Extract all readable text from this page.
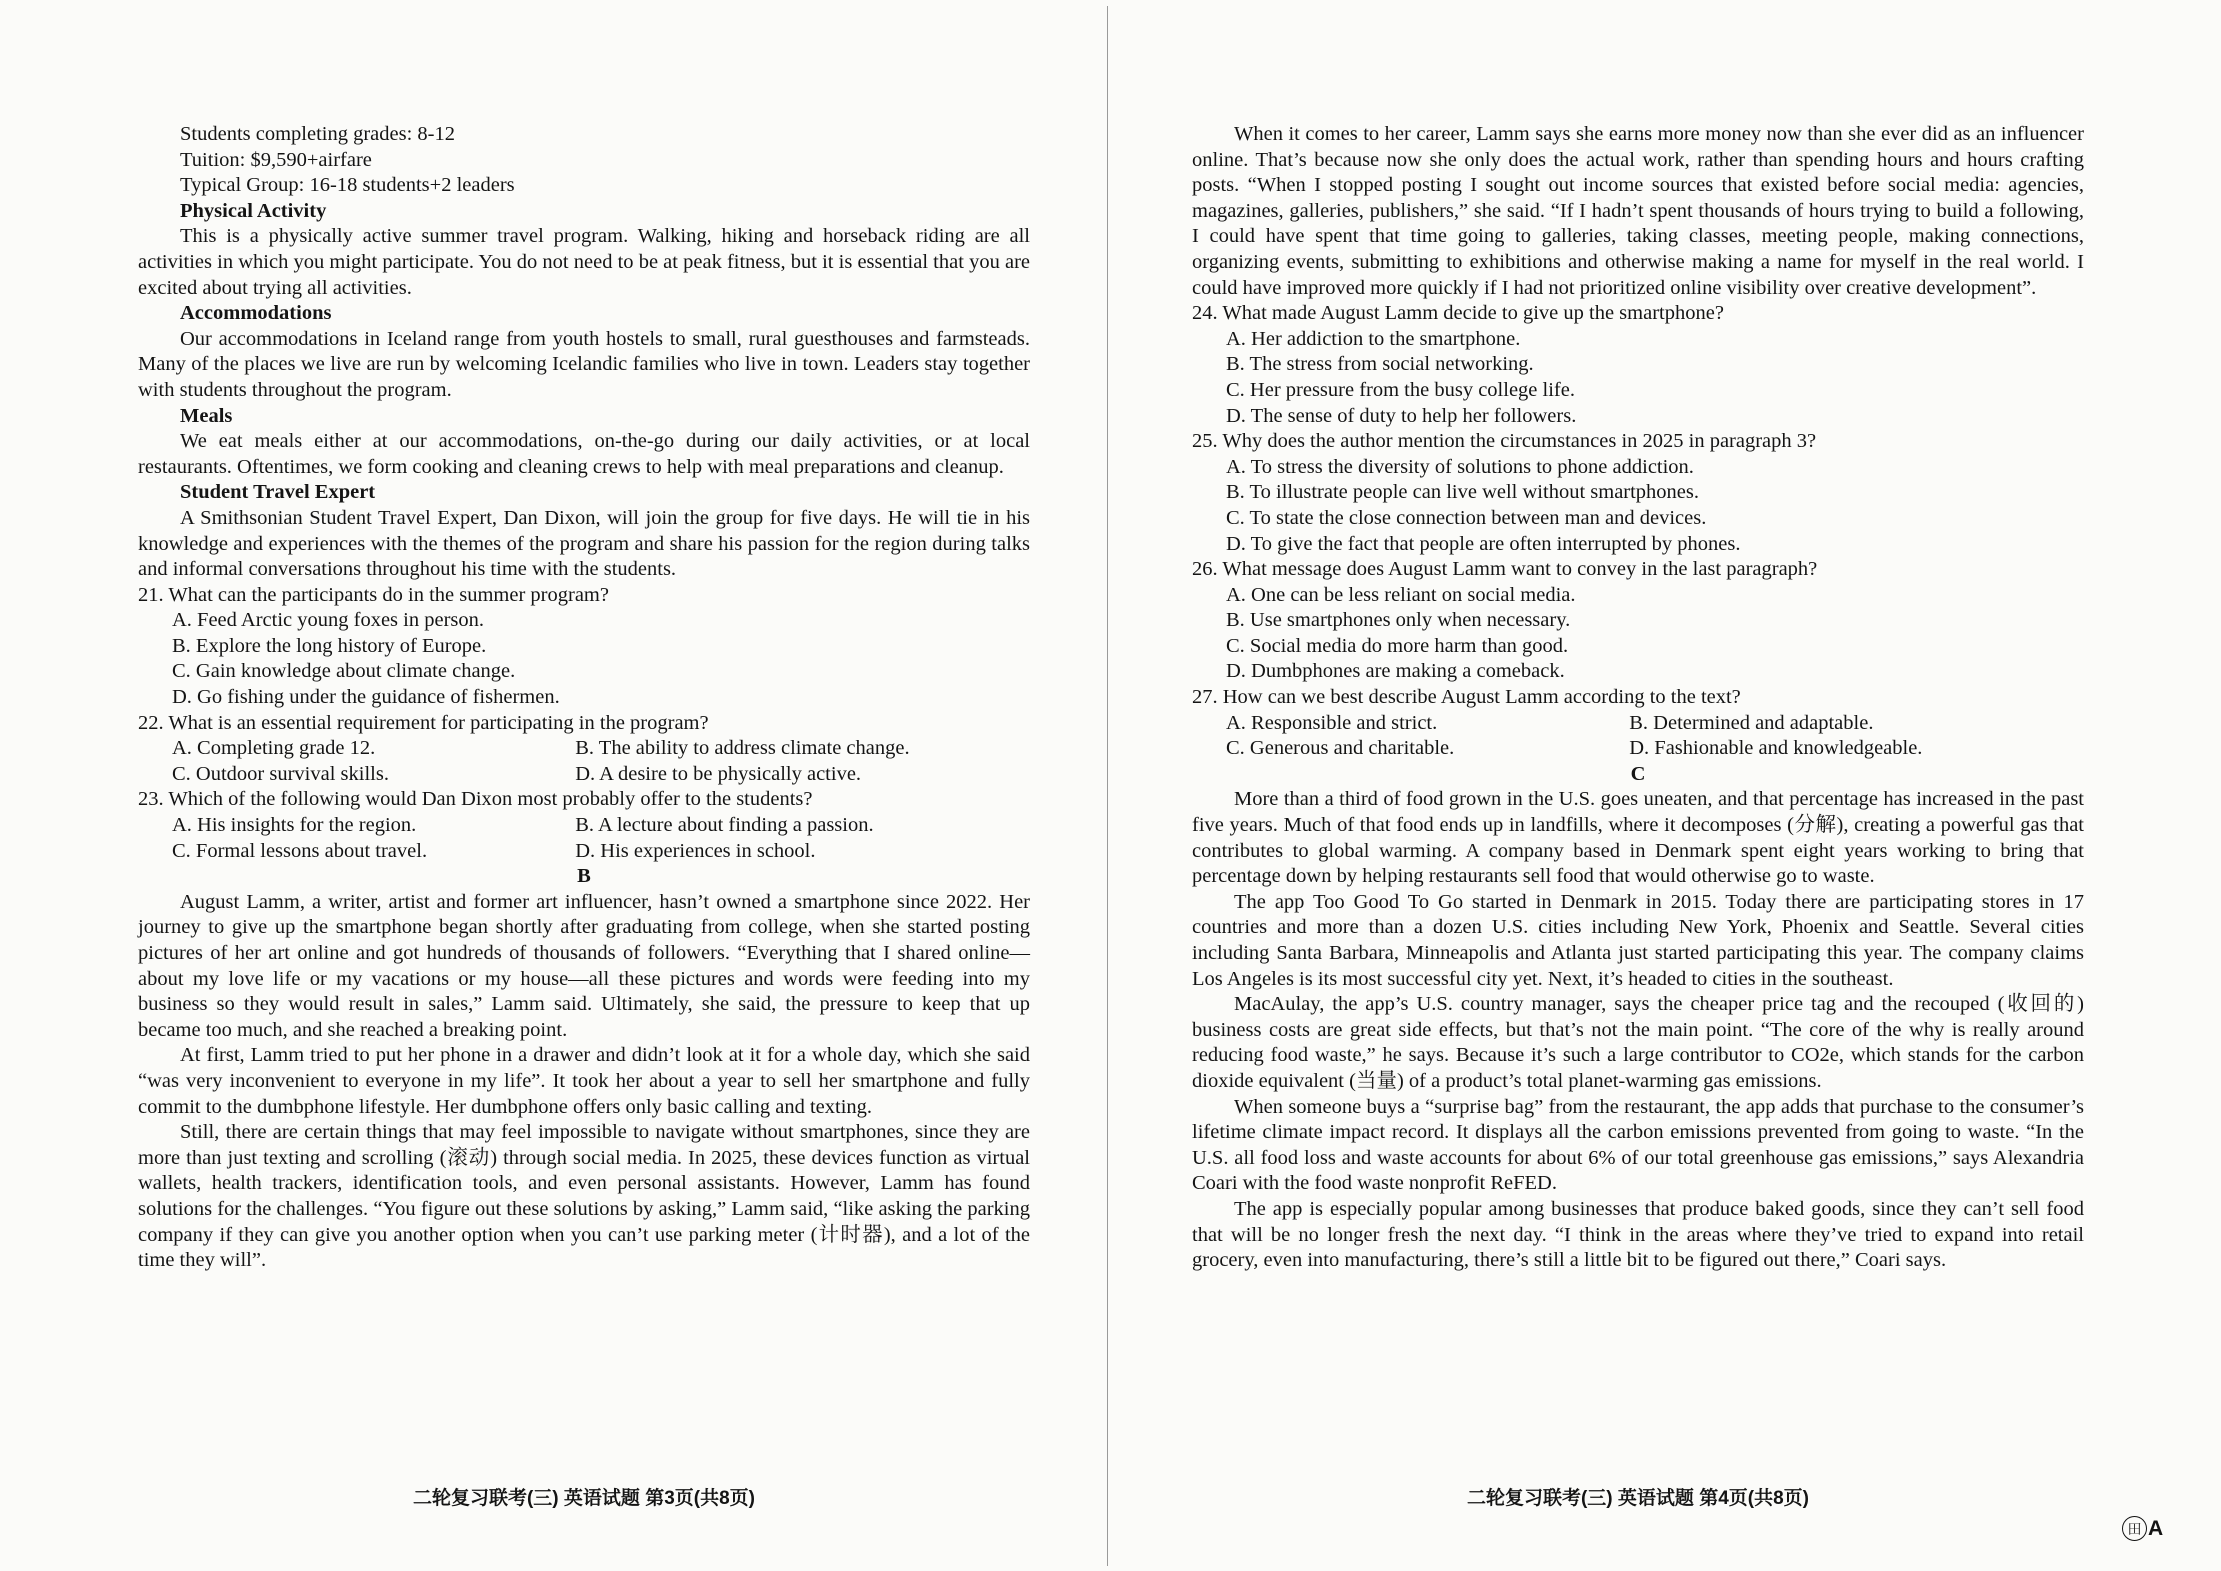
Students completing grades: 8-12

Tuition: $9,590+airfare

Typical Group: 16-18 students+2 leaders

Physical Activity

This is a physically active summer travel program. Walking, hiking and horseback riding are all activities in which you might participate. You do not need to be at peak fitness, but it is essential that you are excited about trying all activities.

Accommodations

Our accommodations in Iceland range from youth hostels to small, rural guesthouses and farmsteads. Many of the places we live are run by welcoming Icelandic families who live in town. Leaders stay together with students throughout the program.

Meals

We eat meals either at our accommodations, on-the-go during our daily activities, or at local restaurants. Oftentimes, we form cooking and cleaning crews to help with meal preparations and cleanup.

Student Travel Expert

A Smithsonian Student Travel Expert, Dan Dixon, will join the group for five days. He will tie in his knowledge and experiences with the themes of the program and share his passion for the region during talks and informal conversations throughout his time with the students.

21. What can the participants do in the summer program?

A. Feed Arctic young foxes in person.

B. Explore the long history of Europe.

C. Gain knowledge about climate change.

D. Go fishing under the guidance of fishermen.

22. What is an essential requirement for participating in the program?

A. Completing grade 12.	B. The ability to address climate change.

C. Outdoor survival skills.	D. A desire to be physically active.

23. Which of the following would Dan Dixon most probably offer to the students?

A. His insights for the region.	B. A lecture about finding a passion.

C. Formal lessons about travel.	D. His experiences in school.

B

August Lamm, a writer, artist and former art influencer, hasn’t owned a smartphone since 2022. Her journey to give up the smartphone began shortly after graduating from college, when she started posting pictures of her art online and got hundreds of thousands of followers. “Everything that I shared online—about my love life or my vacations or my house—all these pictures and words were feeding into my business so they would result in sales,” Lamm said. Ultimately, she said, the pressure to keep that up became too much, and she reached a breaking point.

At first, Lamm tried to put her phone in a drawer and didn’t look at it for a whole day, which she said “was very inconvenient to everyone in my life”. It took her about a year to sell her smartphone and fully commit to the dumbphone lifestyle. Her dumbphone offers only basic calling and texting.

Still, there are certain things that may feel impossible to navigate without smartphones, since they are more than just texting and scrolling (滚动) through social media. In 2025, these devices function as virtual wallets, health trackers, identification tools, and even personal assistants. However, Lamm has found solutions for the challenges. “You figure out these solutions by asking,” Lamm said, “like asking the parking company if they can give you another option when you can’t use parking meter (计时器), and a lot of the time they will”.

二轮复习联考(三) 英语试题 第3页(共8页)

When it comes to her career, Lamm says she earns more money now than she ever did as an influencer online. That’s because now she only does the actual work, rather than spending hours and hours crafting posts. “When I stopped posting I sought out income sources that existed before social media: agencies, magazines, galleries, publishers,” she said. “If I hadn’t spent thousands of hours trying to build a following, I could have spent that time going to galleries, taking classes, meeting people, making connections, organizing events, submitting to exhibitions and otherwise making a name for myself in the real world. I could have improved more quickly if I had not prioritized online visibility over creative development”.

24. What made August Lamm decide to give up the smartphone?

A. Her addiction to the smartphone.

B. The stress from social networking.

C. Her pressure from the busy college life.

D. The sense of duty to help her followers.

25. Why does the author mention the circumstances in 2025 in paragraph 3?

A. To stress the diversity of solutions to phone addiction.

B. To illustrate people can live well without smartphones.

C. To state the close connection between man and devices.

D. To give the fact that people are often interrupted by phones.

26. What message does August Lamm want to convey in the last paragraph?

A. One can be less reliant on social media.

B. Use smartphones only when necessary.

C. Social media do more harm than good.

D. Dumbphones are making a comeback.

27. How can we best describe August Lamm according to the text?

A. Responsible and strict.	B. Determined and adaptable.

C. Generous and charitable.	D. Fashionable and knowledgeable.

C

More than a third of food grown in the U.S. goes uneaten, and that percentage has increased in the past five years. Much of that food ends up in landfills, where it decomposes (分解), creating a powerful gas that contributes to global warming. A company based in Denmark spent eight years working to bring that percentage down by helping restaurants sell food that would otherwise go to waste.

The app Too Good To Go started in Denmark in 2015. Today there are participating stores in 17 countries and more than a dozen U.S. cities including New York, Phoenix and Seattle. Several cities including Santa Barbara, Minneapolis and Atlanta just started participating this year. The company claims Los Angeles is its most successful city yet. Next, it’s headed to cities in the southeast.

MacAulay, the app’s U.S. country manager, says the cheaper price tag and the recouped (收回的) business costs are great side effects, but that’s not the main point. “The core of the why is really around reducing food waste,” he says. Because it’s such a large contributor to CO2e, which stands for the carbon dioxide equivalent (当量) of a product’s total planet-warming gas emissions.

When someone buys a “surprise bag” from the restaurant, the app adds that purchase to the consumer’s lifetime climate impact record. It displays all the carbon emissions prevented from going to waste. “In the U.S. all food loss and waste accounts for about 6% of our total greenhouse gas emissions,” says Alexandria Coari with the food waste nonprofit ReFED.

The app is especially popular among businesses that produce baked goods, since they can’t sell food that will be no longer fresh the next day. “I think in the areas where they’ve tried to expand into retail grocery, even into manufacturing, there’s still a little bit to be figured out there,” Coari says.

二轮复习联考(三) 英语试题 第4页(共8页)
田 A
